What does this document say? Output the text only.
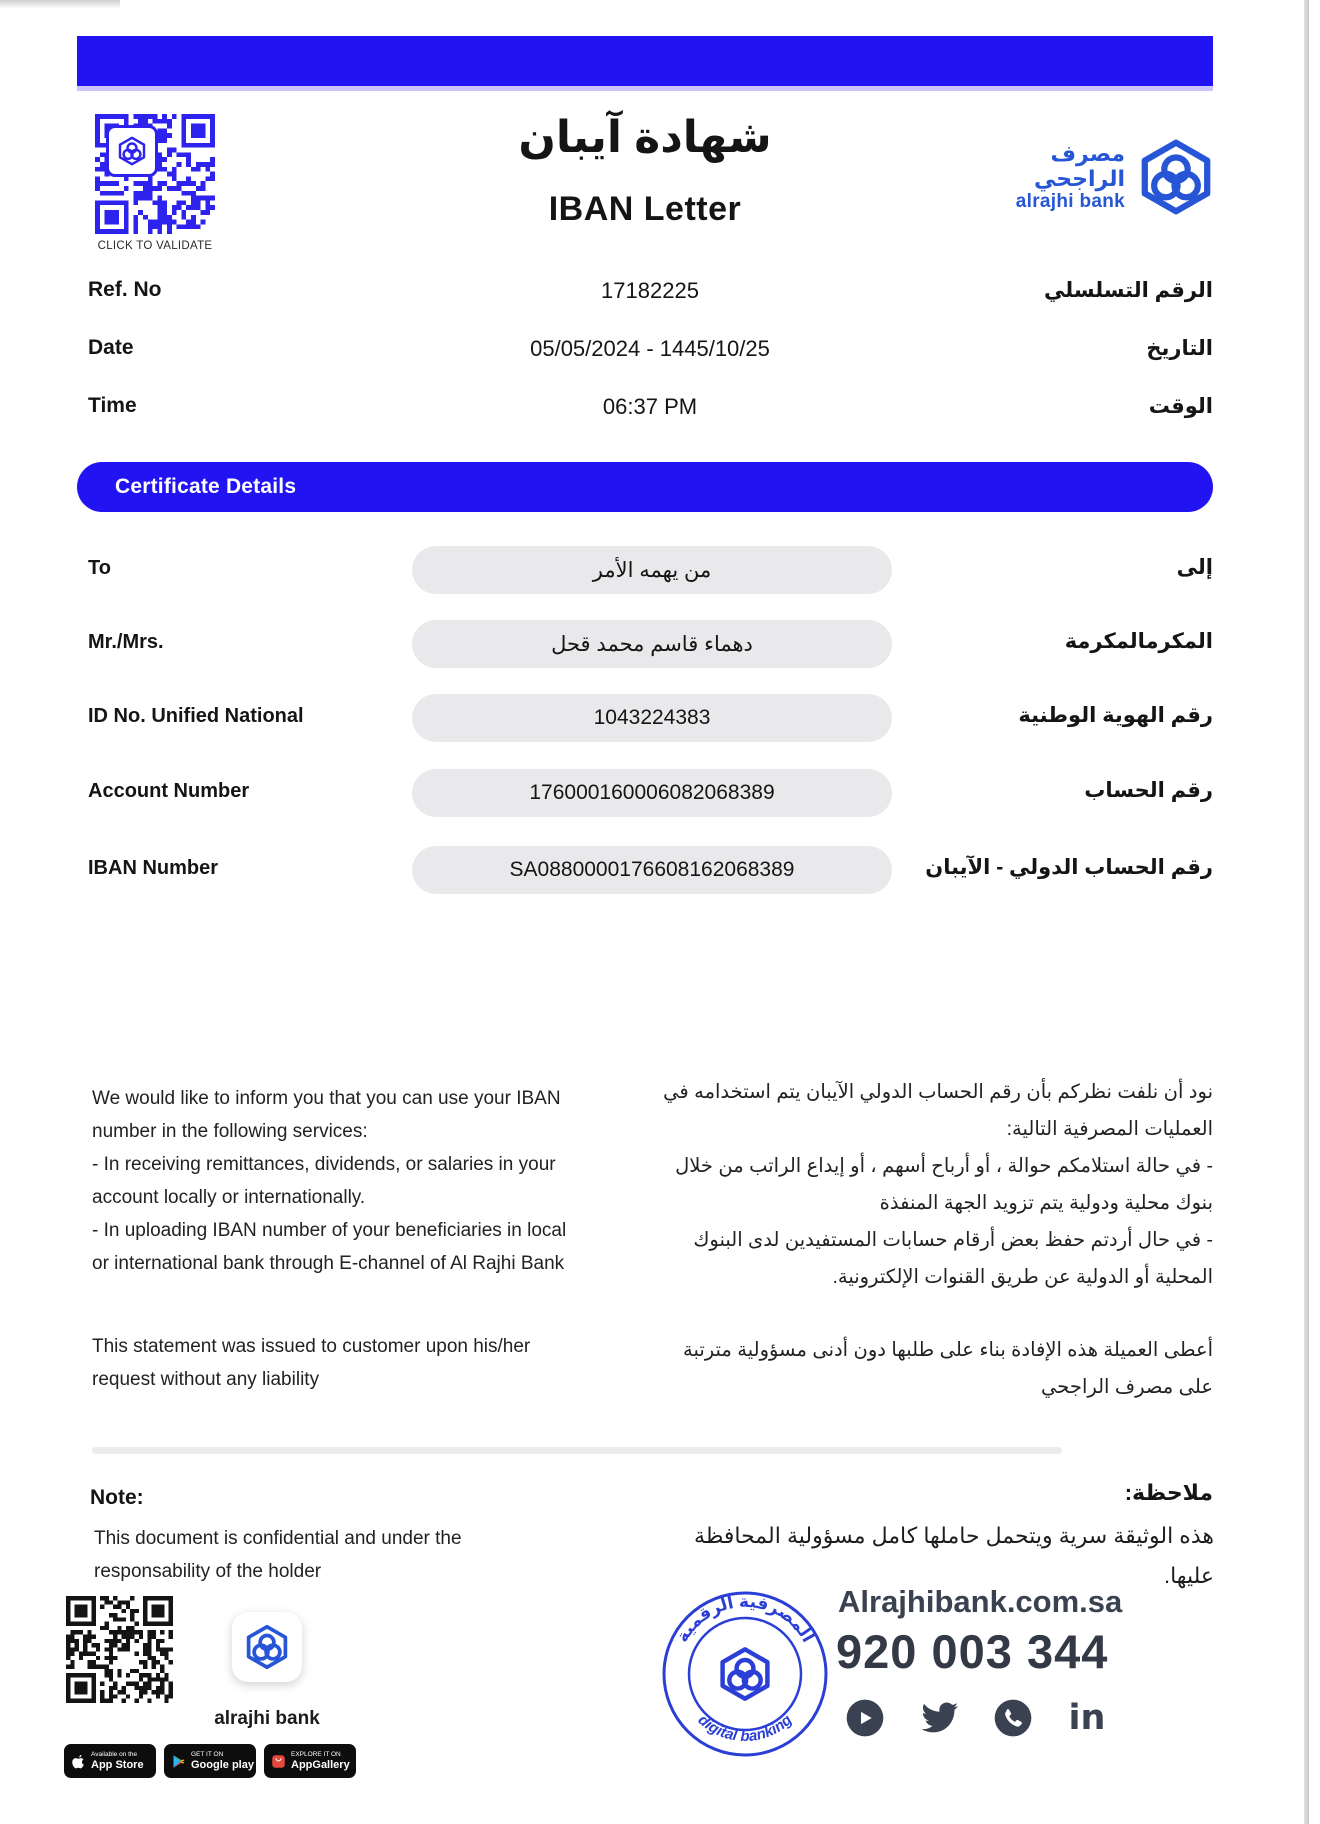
CLICK TO VALIDATE
شهادة آيبان
IBAN Letter
مصرف الراجحي
alrajhi bank
Ref. No	17182225	الرقم التسلسلي
Date	05/05/2024 - 1445/10/25	التاريخ
Time	06:37 PM	الوقت
Certificate Details
To	من يهمه الأمر	إلى
Mr./Mrs.	دهماء قاسم محمد قحل	المكرمالمكرمة
ID No. Unified National	1043224383	رقم الهوية الوطنية
Account Number	176000160006082068389	رقم الحساب
IBAN Number	SA0880000176608162068389	رقم الحساب الدولي - الآيبان
We would like to inform you that you can use your IBAN number in the following services:
- In receiving remittances, dividends, or salaries in your account locally or internationally.
- In uploading IBAN number of your beneficiaries in local or international bank through E-channel of Al Rajhi Bank
This statement was issued to customer upon his/her request without any liability
نود أن نلفت نظركم بأن رقم الحساب الدولي الآيبان يتم استخدامه في العمليات المصرفية التالية:
- في حالة استلامكم حوالة ، أو أرباح أسهم ، أو إيداع الراتب من خلال بنوك محلية ودولية يتم تزويد الجهة المنفذة
- في حال أردتم حفظ بعض أرقام حسابات المستفيدين لدى البنوك المحلية أو الدولية عن طريق القنوات الإلكترونية.
أعطى العميلة هذه الإفادة بناء على طلبها دون أدنى مسؤولية مترتبة على مصرف الراجحي
Note:
This document is confidential and under the responsability of the holder
ملاحظة:
هذه الوثيقة سرية ويتحمل حاملها كامل مسؤولية المحافظة عليها.
alrajhi bank
Available on the
App Store
GET IT ON
Google play
EXPLORE IT ON
AppGallery
المصرفية الرقمية
digital banking
Alrajhibank.com.sa
920 003 344
in
